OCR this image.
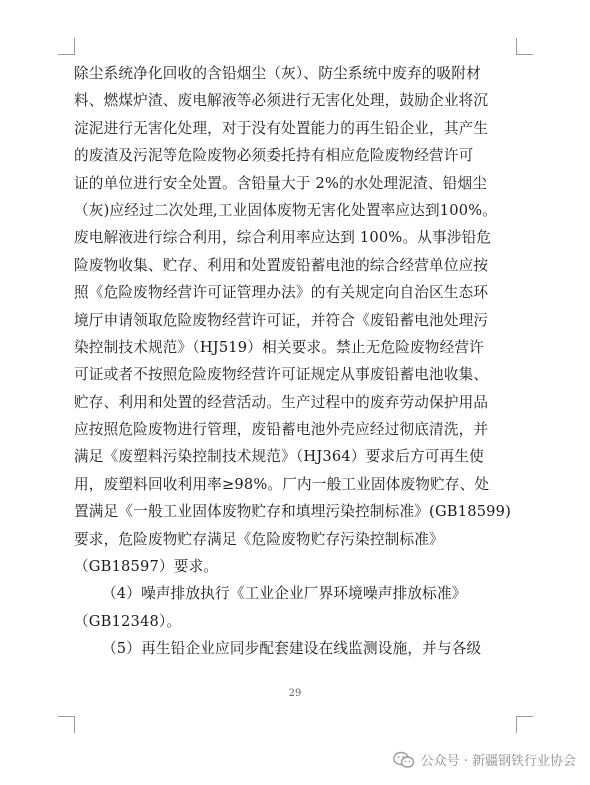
除尘系统净化回收的含铅烟尘（灰）、防尘系统中废弃的吸附材
料、燃煤炉渣、废电解液等必须进行无害化处理，鼓励企业将沉
淀泥进行无害化处理，对于没有处置能力的再生铅企业，其产生
的废渣及污泥等危险废物必须委托持有相应危险废物经营许可
证的单位进行安全处置。含铅量大于 2%的水处理泥渣、铅烟尘
（灰)应经过二次处理,工业固体废物无害化处置率应达到100%。
废电解液进行综合利用，综合利用率应达到 100%。从事涉铅危
险废物收集、贮存、利用和处置废铅蓄电池的综合经营单位应按
照《危险废物经营许可证管理办法》的有关规定向自治区生态环
境厅申请领取危险废物经营许可证，并符合《废铅蓄电池处理污
染控制技术规范》（HJ519）相关要求。禁止无危险废物经营许
可证或者不按照危险废物经营许可证规定从事废铅蓄电池收集、
贮存、利用和处置的经营活动。生产过程中的废弃劳动保护用品
应按照危险废物进行管理，废铅蓄电池外壳应经过彻底清洗，并
满足《废塑料污染控制技术规范》（HJ364）要求后方可再生使
用，废塑料回收利用率≥98%。厂内一般工业固体废物贮存、处
置满足《一般工业固体废物贮存和填埋污染控制标准》(GB18599)
要求，危险废物贮存满足《危险废物贮存污染控制标准》
（GB18597）要求。
（4）噪声排放执行《工业企业厂界环境噪声排放标准》
（GB12348）。
（5）再生铅企业应同步配套建设在线监测设施，并与各级
29
公众号 · 新疆钢铁行业协会
